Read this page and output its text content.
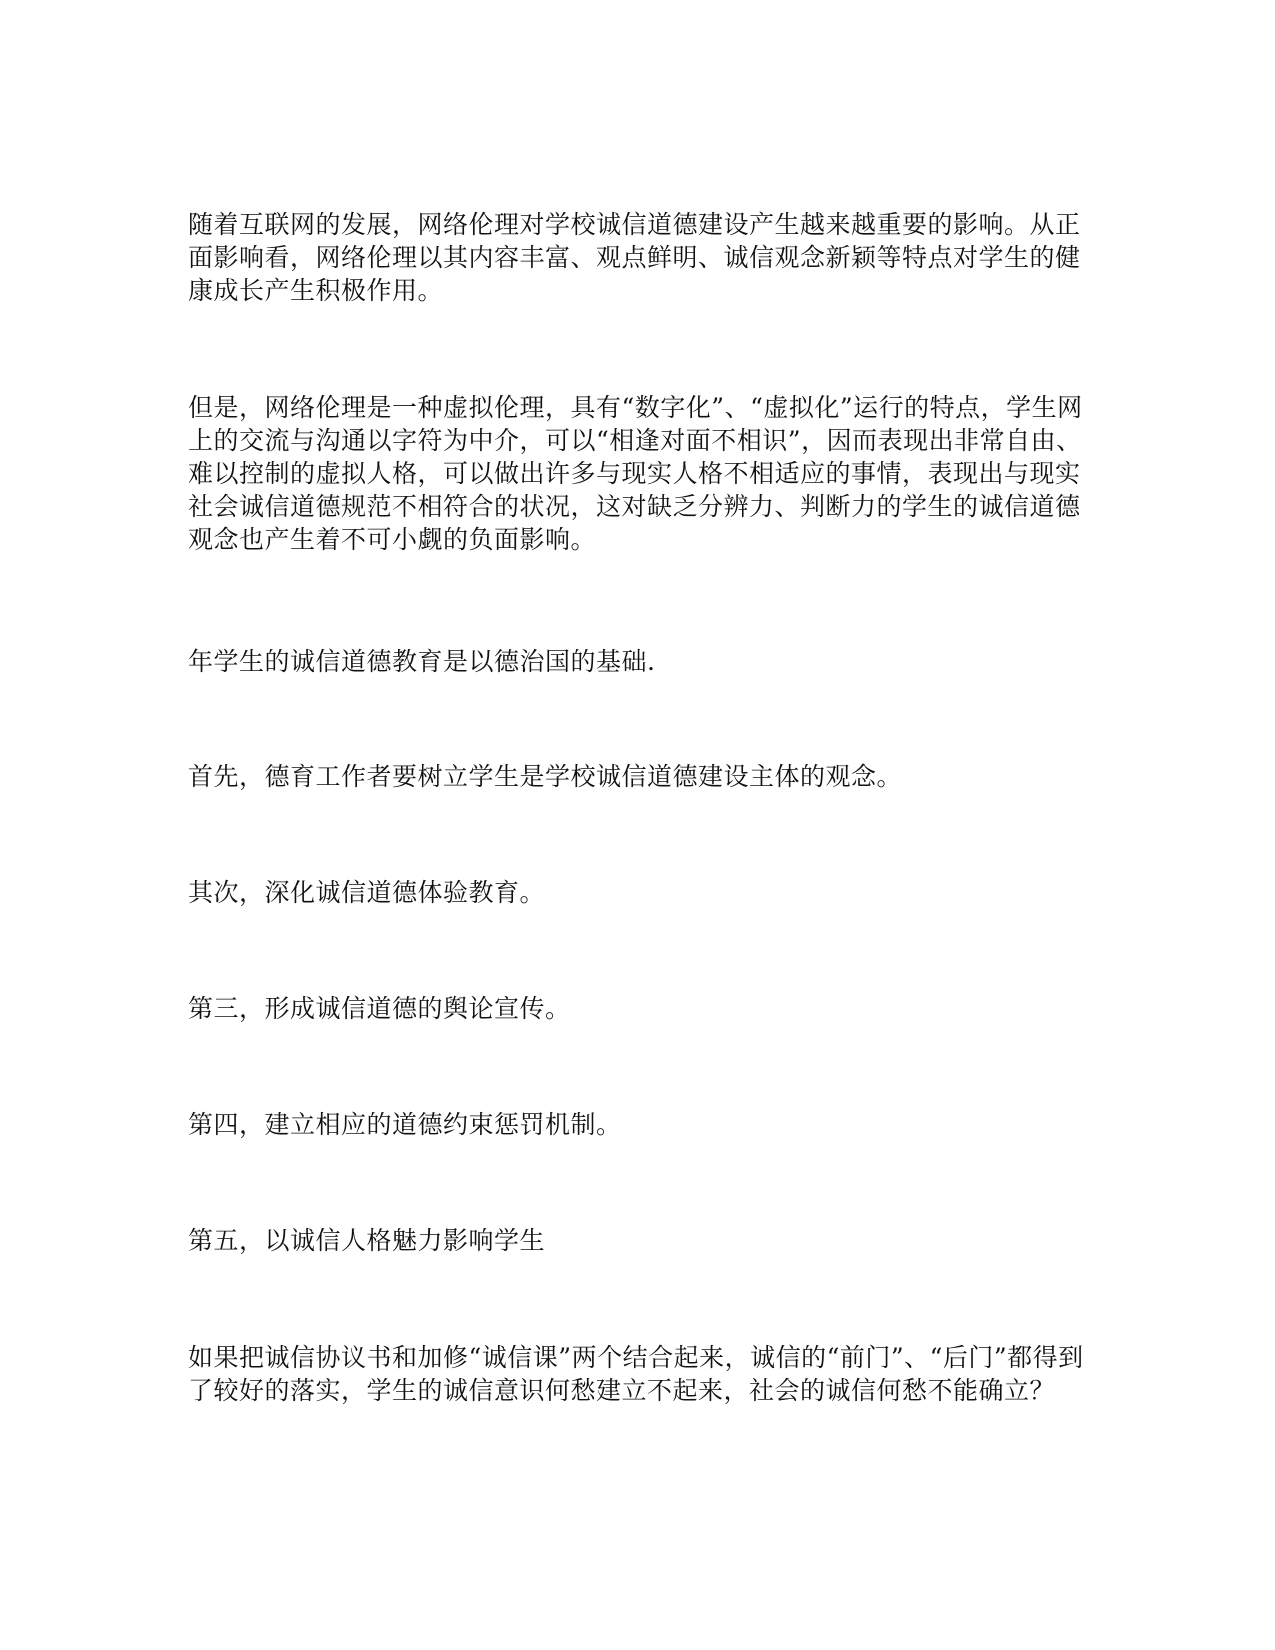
随着互联网的发展，网络伦理对学校诚信道德建设产生越来越重要的影响。从正面影响看，网络伦理以其内容丰富、观点鲜明、诚信观念新颖等特点对学生的健康成长产生积极作用。

但是，网络伦理是一种虚拟伦理，具有“数字化”、“虚拟化”运行的特点，学生网上的交流与沟通以字符为中介，可以“相逢对面不相识”，因而表现出非常自由、难以控制的虚拟人格，可以做出许多与现实人格不相适应的事情，表现出与现实社会诚信道德规范不相符合的状况，这对缺乏分辨力、判断力的学生的诚信道德观念也产生着不可小觑的负面影响。

年学生的诚信道德教育是以德治国的基础.

首先，德育工作者要树立学生是学校诚信道德建设主体的观念。

其次，深化诚信道德体验教育。

第三，形成诚信道德的舆论宣传。

第四，建立相应的道德约束惩罚机制。

第五，以诚信人格魅力影响学生

如果把诚信协议书和加修“诚信课”两个结合起来，诚信的“前门”、“后门”都得到了较好的落实，学生的诚信意识何愁建立不起来，社会的诚信何愁不能确立？
